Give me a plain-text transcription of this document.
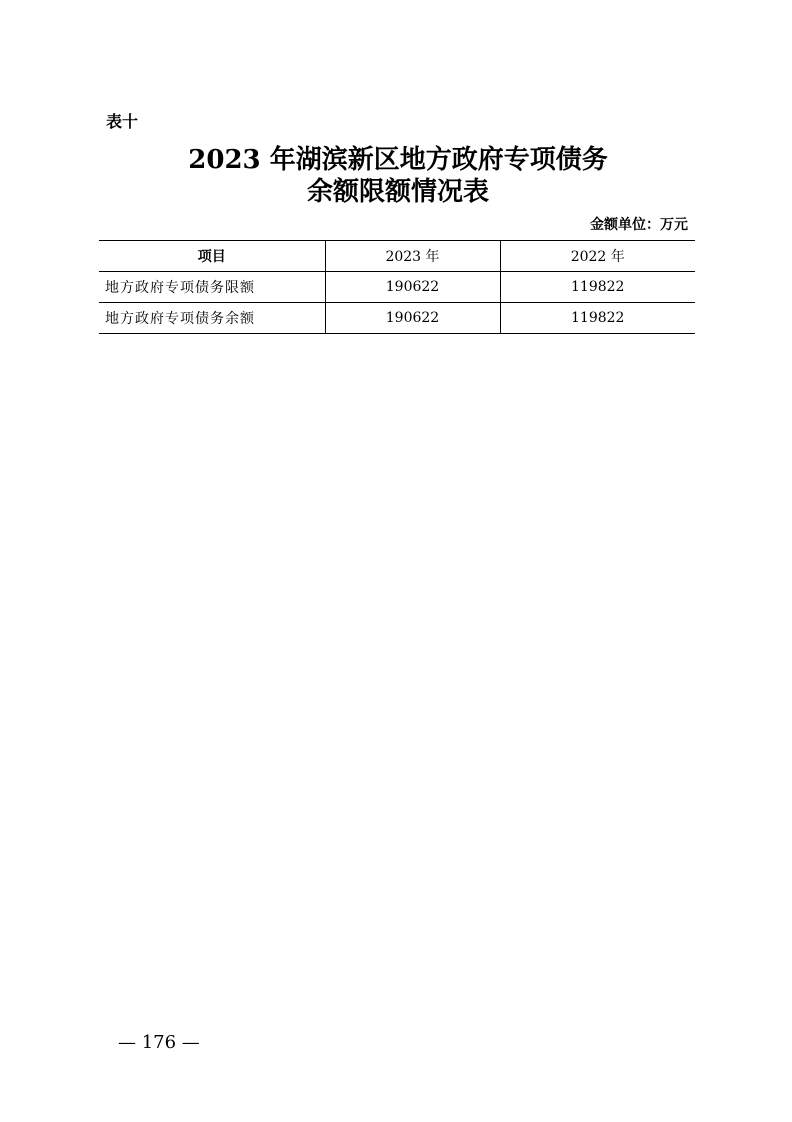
表十
2023 年湖滨新区地方政府专项债务
余额限额情况表
金额单位：万元
项目	2023 年	2022 年
地方政府专项债务限额	190622	119822
地方政府专项债务余额	190622	119822
— 176 —
